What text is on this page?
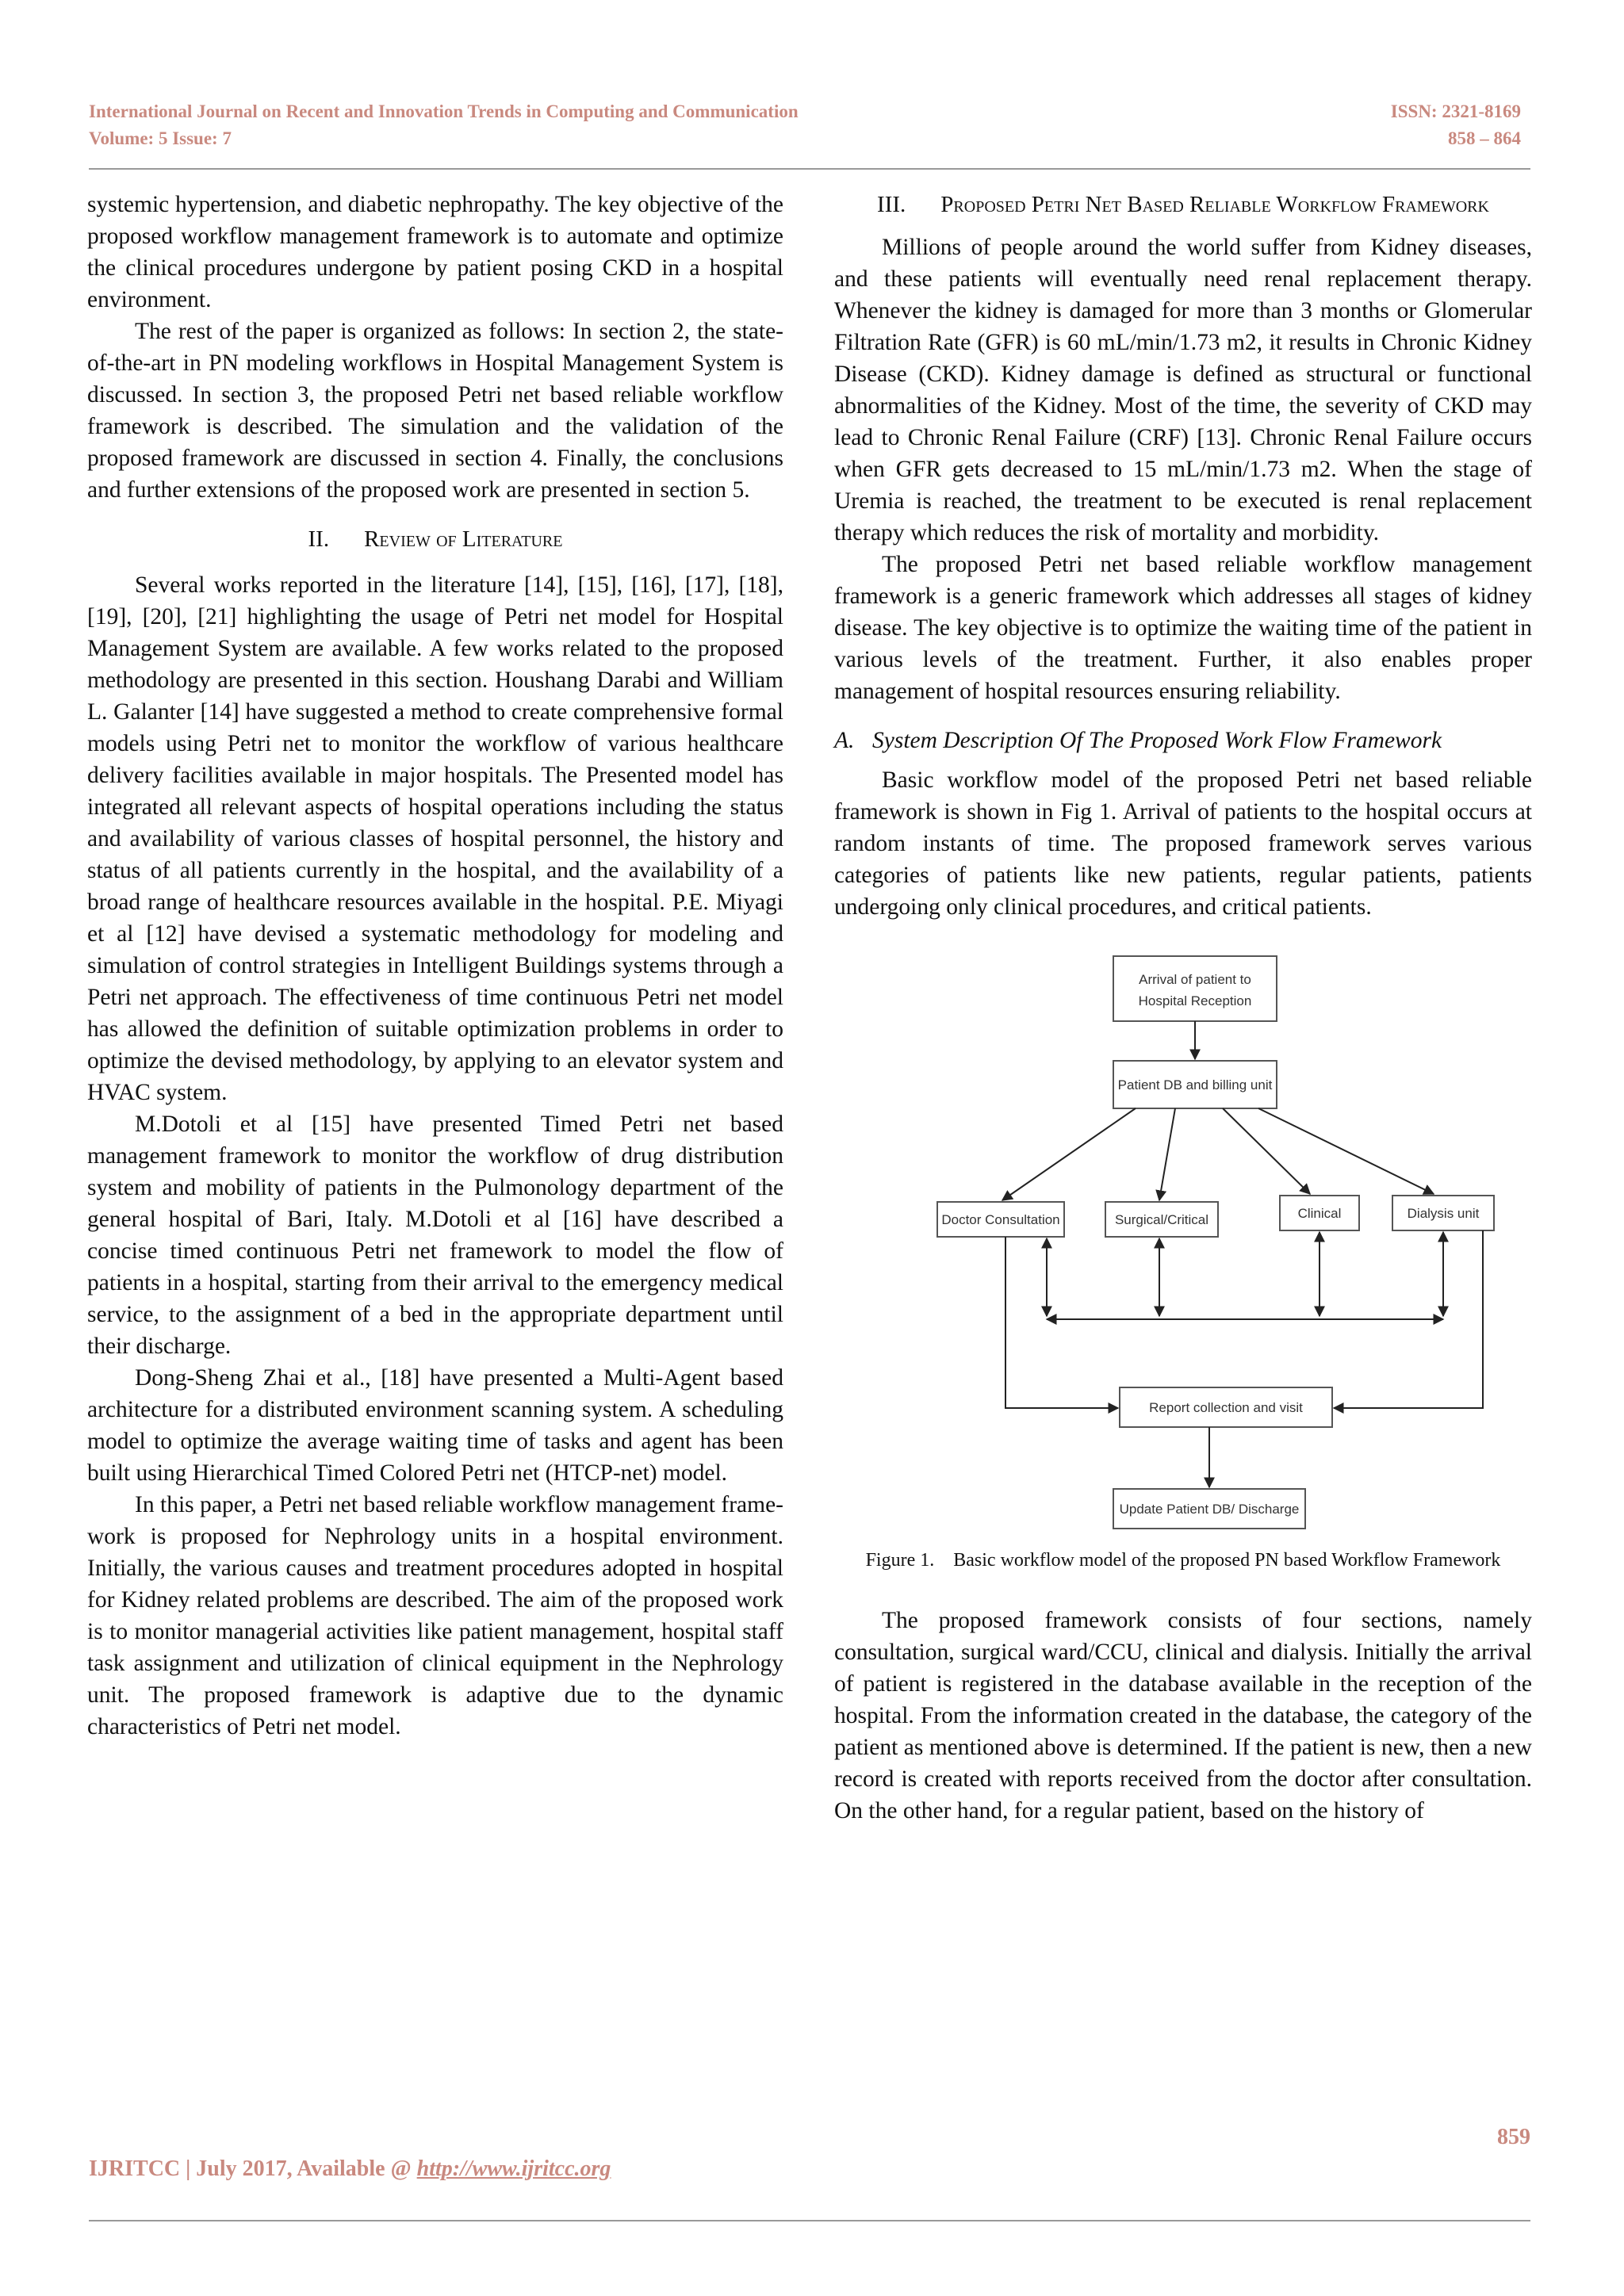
International Journal on Recent and Innovation Trends in Computing and Communication
Volume: 5 Issue: 7
ISSN: 2321-8169
858 – 864

systemic hypertension, and diabetic nephropathy. The key objective of the proposed workflow management framework is to automate and optimize the clinical procedures undergone by patient posing CKD in a hospital environment.

The rest of the paper is organized as follows: In section 2, the state-of-the-art in PN modeling workflows in Hospital Management System is discussed. In section 3, the proposed Petri net based reliable workflow framework is described. The simulation and the validation of the proposed framework are discussed in section 4. Finally, the conclusions and further extensions of the proposed work are presented in section 5.

II. Review of Literature

Several works reported in the literature [14], [15], [16], [17], [18], [19], [20], [21] highlighting the usage of Petri net model for Hospital Management System are available. A few works related to the proposed methodology are presented in this section. Houshang Darabi and William L. Galanter [14] have suggested a method to create comprehensive formal models using Petri net to monitor the workflow of various healthcare delivery facilities available in major hospitals. The Presented model has integrated all relevant aspects of hospital operations including the status and availability of various classes of hospital personnel, the history and status of all patients currently in the hospital, and the availability of a broad range of healthcare resources available in the hospital. P.E. Miyagi et al [12] have devised a systematic methodology for modeling and simulation of control strategies in Intelligent Buildings systems through a Petri net approach. The effectiveness of time continuous Petri net model has allowed the definition of suitable optimization problems in order to optimize the devised methodology, by applying to an elevator system and HVAC system.

M.Dotoli et al [15] have presented Timed Petri net based management framework to monitor the workflow of drug distribution system and mobility of patients in the Pulmonology department of the general hospital of Bari, Italy. M.Dotoli et al [16] have described a concise timed continuous Petri net framework to model the flow of patients in a hospital, starting from their arrival to the emergency medical service, to the assignment of a bed in the appropriate department until their discharge.

Dong-Sheng Zhai et al., [18] have presented a Multi-Agent based architecture for a distributed environment scanning system. A scheduling model to optimize the average waiting time of tasks and agent has been built using Hierarchical Timed Colored Petri net (HTCP-net) model.

In this paper, a Petri net based reliable workflow management frame-work is proposed for Nephrology units in a hospital environment. Initially, the various causes and treatment procedures adopted in hospital for Kidney related problems are described. The aim of the proposed work is to monitor managerial activities like patient management, hospital staff task assignment and utilization of clinical equipment in the Nephrology unit. The proposed framework is adaptive due to the dynamic characteristics of Petri net model.

III. Proposed Petri Net Based Reliable Workflow Framework

Millions of people around the world suffer from Kidney diseases, and these patients will eventually need renal replacement therapy. Whenever the kidney is damaged for more than 3 months or Glomerular Filtration Rate (GFR) is 60 mL/min/1.73 m2, it results in Chronic Kidney Disease (CKD). Kidney damage is defined as structural or functional abnormalities of the Kidney. Most of the time, the severity of CKD may lead to Chronic Renal Failure (CRF) [13]. Chronic Renal Failure occurs when GFR gets decreased to 15 mL/min/1.73 m2. When the stage of Uremia is reached, the treatment to be executed is renal replacement therapy which reduces the risk of mortality and morbidity.

The proposed Petri net based reliable workflow management framework is a generic framework which addresses all stages of kidney disease. The key objective is to optimize the waiting time of the patient in various levels of the treatment. Further, it also enables proper management of hospital resources ensuring reliability.

A. System Description Of The Proposed Work Flow Framework

Basic workflow model of the proposed Petri net based reliable framework is shown in Fig 1. Arrival of patients to the hospital occurs at random instants of time. The proposed framework serves various categories of patients like new patients, regular patients, patients undergoing only clinical procedures, and critical patients.

Arrival of patient to
Hospital Reception
Patient DB and billing unit
Doctor Consultation	Surgical/Critical	Clinical	Dialysis unit
Report collection and visit
Update Patient DB/ Discharge
Figure 1. Basic workflow model of the proposed PN based Workflow Framework

The proposed framework consists of four sections, namely consultation, surgical ward/CCU, clinical and dialysis. Initially the arrival of patient is registered in the database available in the reception of the hospital. From the information created in the database, the category of the patient as mentioned above is determined. If the patient is new, then a new record is created with reports received from the doctor after consultation. On the other hand, for a regular patient, based on the history of

859
IJRITCC | July 2017, Available @ http://www.ijritcc.org
